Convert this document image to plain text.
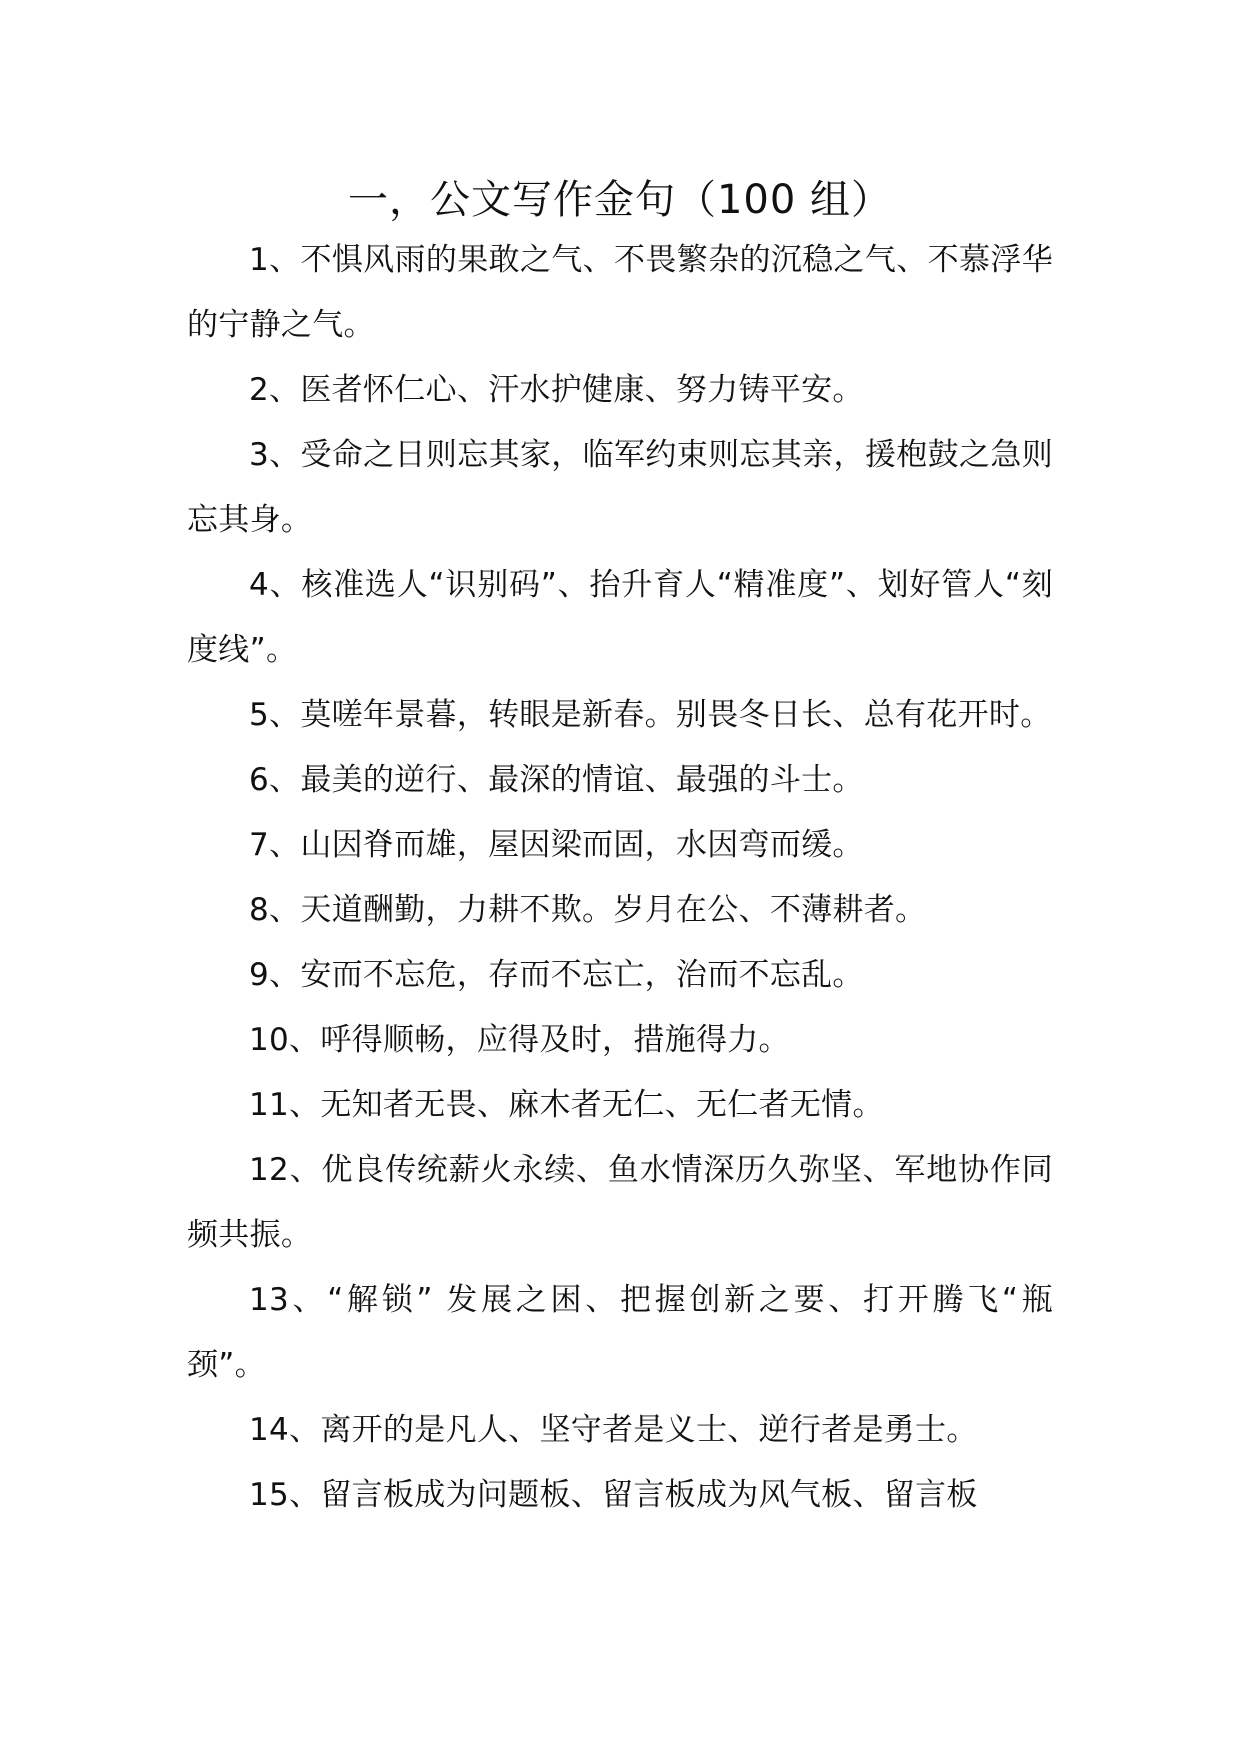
一，公文写作金句（100 组）

1、不惧风雨的果敢之气、不畏繁杂的沉稳之气、不慕浮华的宁静之气。

2、医者怀仁心、汗水护健康、努力铸平安。

3、受命之日则忘其家，临军约束则忘其亲，援枹鼓之急则忘其身。

4、核准选人“识别码”、抬升育人“精准度”、划好管人“刻度线”。

5、莫嗟年景暮，转眼是新春。别畏冬日长、总有花开时。

6、最美的逆行、最深的情谊、最强的斗士。

7、山因脊而雄，屋因梁而固，水因弯而缓。

8、天道酬勤，力耕不欺。岁月在公、不薄耕者。

9、安而不忘危，存而不忘亡，治而不忘乱。

10、呼得顺畅，应得及时，措施得力。

11、无知者无畏、麻木者无仁、无仁者无情。

12、优良传统薪火永续、鱼水情深历久弥坚、军地协作同频共振。

13、“解锁” 发展之困、把握创新之要、打开腾飞“瓶颈”。

14、离开的是凡人、坚守者是义士、逆行者是勇士。

15、留言板成为问题板、留言板成为风气板、留言板
